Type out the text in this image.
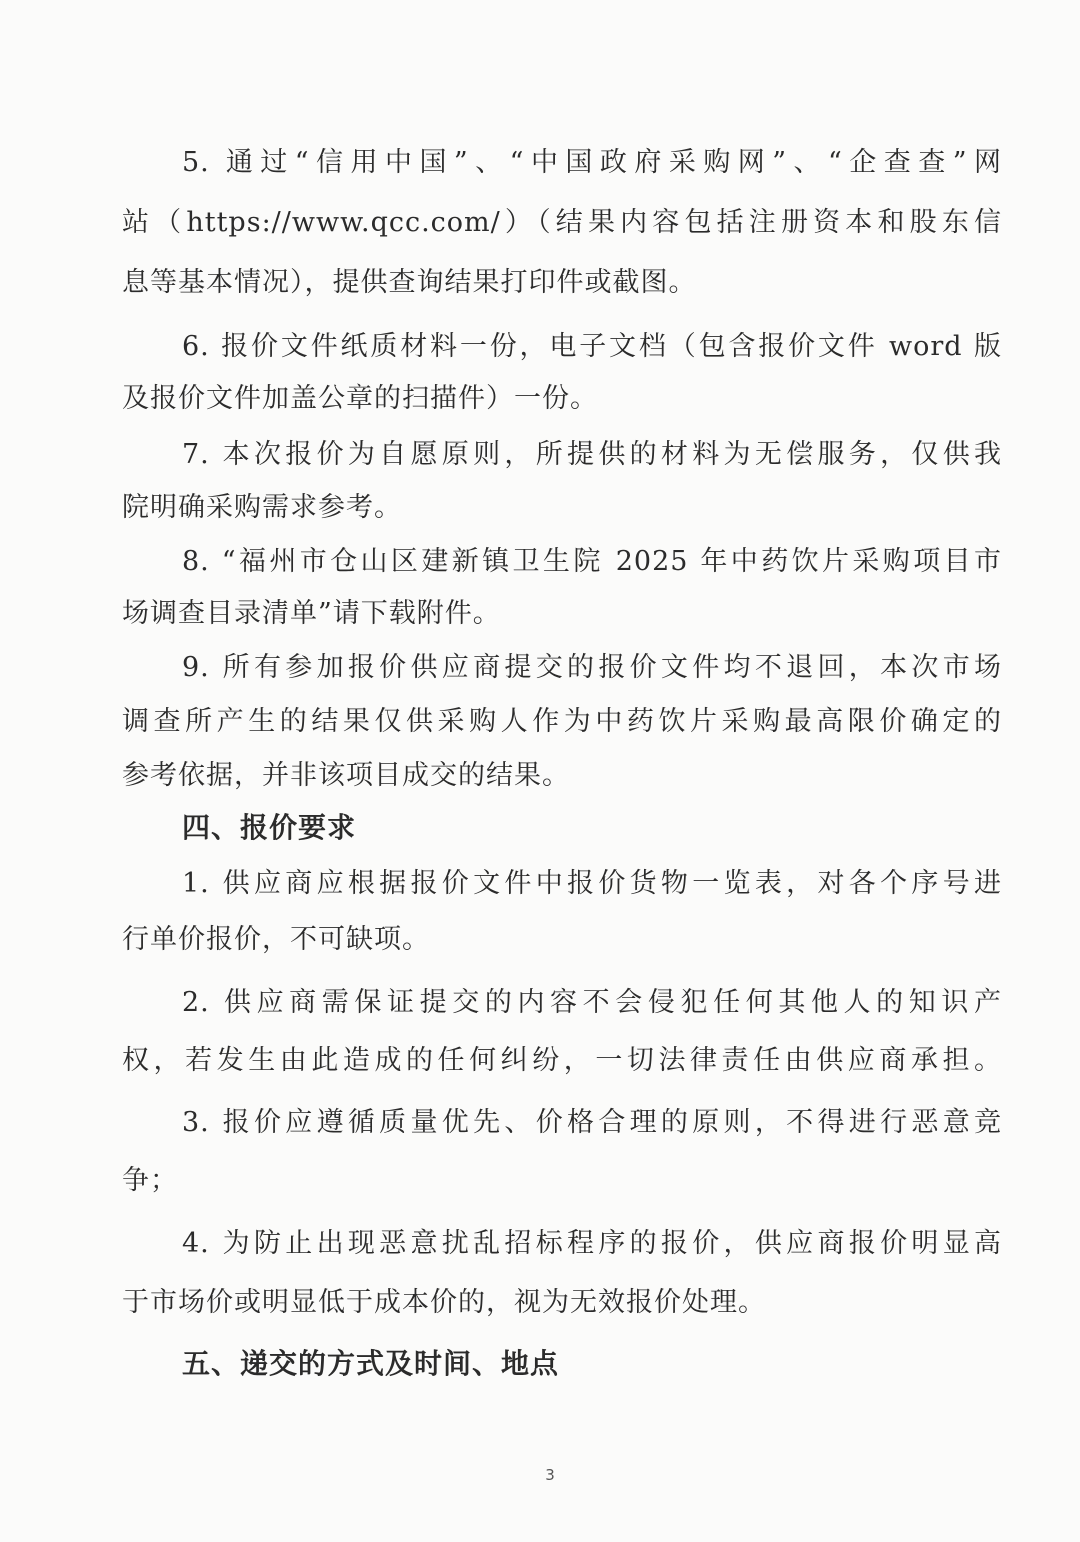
5. 通过“信用中国”、“中国政府采购网”、“企查查”网
站（https://www.qcc.com/）（结果内容包括注册资本和股东信
息等基本情况），提供查询结果打印件或截图。
6. 报价文件纸质材料一份，电子文档（包含报价文件 word 版
及报价文件加盖公章的扫描件）一份。
7. 本次报价为自愿原则，所提供的材料为无偿服务，仅供我
院明确采购需求参考。
8. “福州市仓山区建新镇卫生院 2025 年中药饮片采购项目市
场调查目录清单”请下载附件。
9. 所有参加报价供应商提交的报价文件均不退回，本次市场
调查所产生的结果仅供采购人作为中药饮片采购最高限价确定的
参考依据，并非该项目成交的结果。
四、报价要求
1. 供应商应根据报价文件中报价货物一览表，对各个序号进
行单价报价，不可缺项。
2. 供应商需保证提交的内容不会侵犯任何其他人的知识产
权，若发生由此造成的任何纠纷，一切法律责任由供应商承担。
3. 报价应遵循质量优先、价格合理的原则，不得进行恶意竞
争；
4. 为防止出现恶意扰乱招标程序的报价，供应商报价明显高
于市场价或明显低于成本价的，视为无效报价处理。
五、递交的方式及时间、地点
3
